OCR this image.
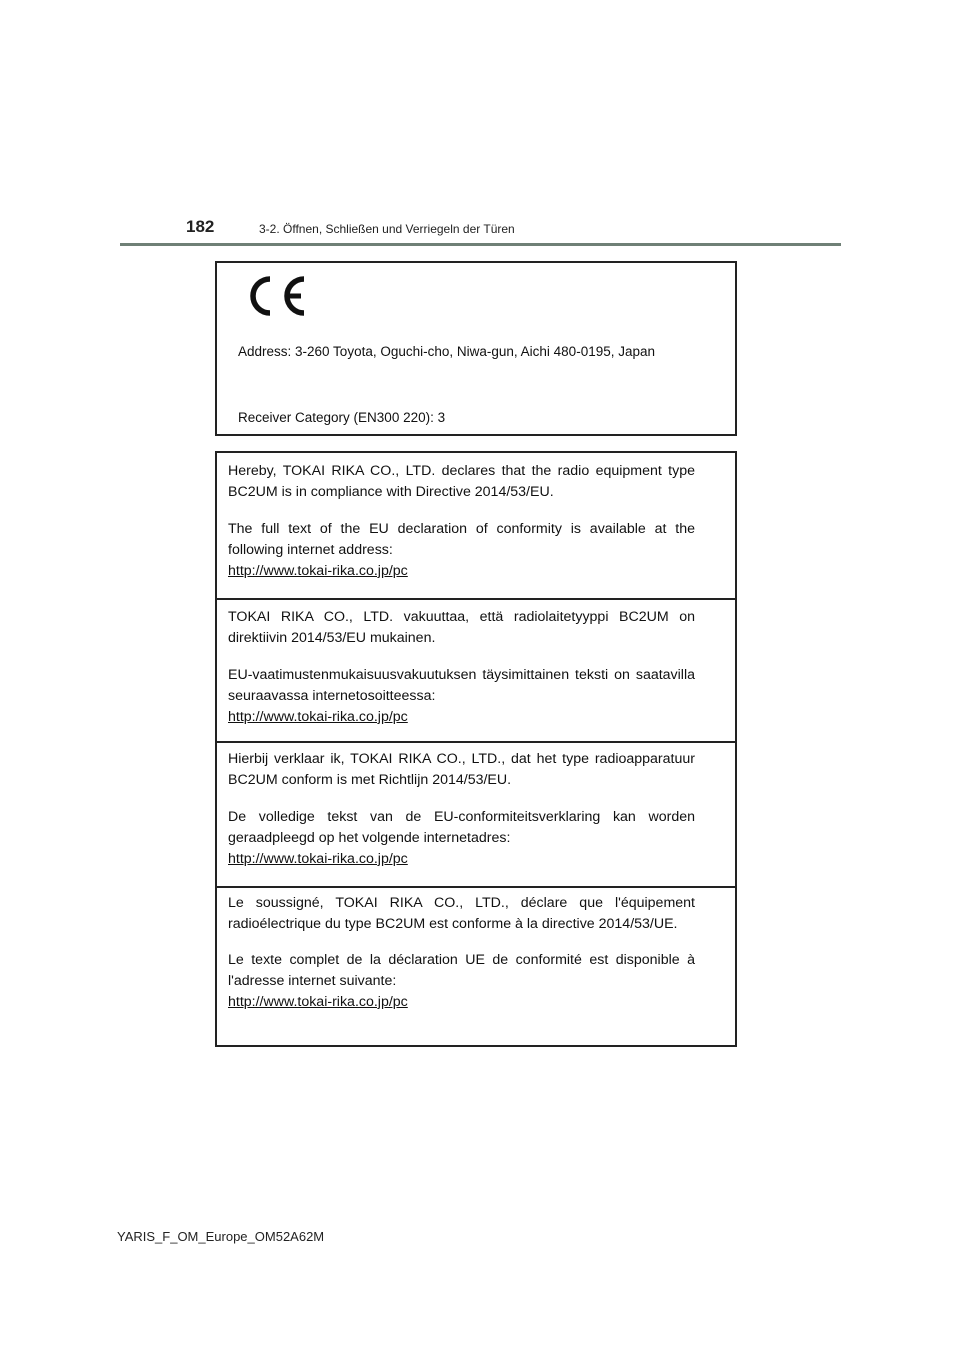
182	3-2. Öffnen, Schließen und Verriegeln der Türen
Address: 3-260 Toyota, Oguchi-cho, Niwa-gun, Aichi 480-0195, Japan
Receiver Category (EN300 220): 3

Hereby, TOKAI RIKA CO., LTD. declares that the radio equipment type BC2UM is in compliance with Directive 2014/53/EU.

The full text of the EU declaration of conformity is available at the following internet address:

http://www.tokai-rika.co.jp/pc

TOKAI RIKA CO., LTD. vakuuttaa, että radiolaitetyyppi BC2UM on direktiivin 2014/53/EU mukainen.

EU-vaatimustenmukaisuusvakuutuksen täysimittainen teksti on saatavilla seuraavassa internetosoitteessa:

http://www.tokai-rika.co.jp/pc

Hierbij verklaar ik, TOKAI RIKA CO., LTD., dat het type radioapparatuur BC2UM conform is met Richtlijn 2014/53/EU.

De volledige tekst van de EU-conformiteitsverklaring kan worden geraadpleegd op het volgende internetadres:

http://www.tokai-rika.co.jp/pc

Le soussigné, TOKAI RIKA CO., LTD., déclare que l'équipement radioélectrique du type BC2UM est conforme à la directive 2014/53/UE.

Le texte complet de la déclaration UE de conformité est disponible à l'adresse internet suivante:

http://www.tokai-rika.co.jp/pc
YARIS_F_OM_Europe_OM52A62M
